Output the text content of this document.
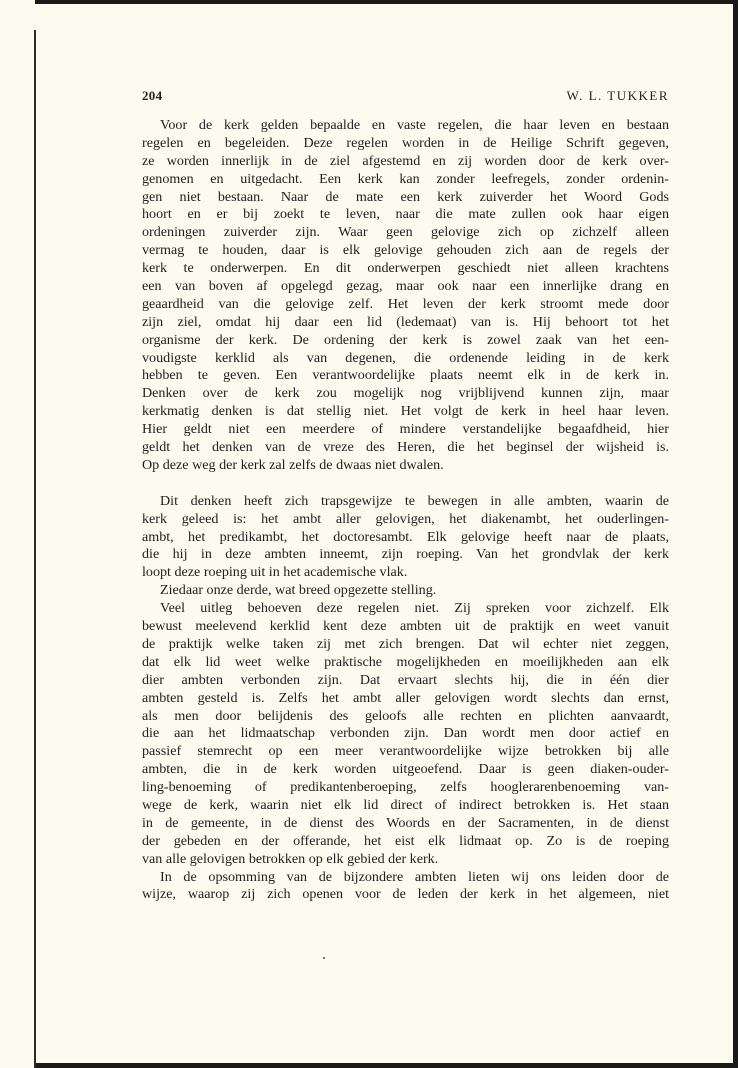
204	W. L. TUKKER
Voor de kerk gelden bepaalde en vaste regelen, die haar leven en bestaan
regelen en begeleiden. Deze regelen worden in de Heilige Schrift gegeven,
ze worden innerlijk in de ziel afgestemd en zij worden door de kerk over-
genomen en uitgedacht. Een kerk kan zonder leefregels, zonder ordenin-
gen niet bestaan. Naar de mate een kerk zuiverder het Woord Gods
hoort en er bij zoekt te leven, naar die mate zullen ook haar eigen
ordeningen zuiverder zijn. Waar geen gelovige zich op zichzelf alleen
vermag te houden, daar is elk gelovige gehouden zich aan de regels der
kerk te onderwerpen. En dit onderwerpen geschiedt niet alleen krachtens
een van boven af opgelegd gezag, maar ook naar een innerlijke drang en
geaardheid van die gelovige zelf. Het leven der kerk stroomt mede door
zijn ziel, omdat hij daar een lid (ledemaat) van is. Hij behoort tot het
organisme der kerk. De ordening der kerk is zowel zaak van het een-
voudigste kerklid als van degenen, die ordenende leiding in de kerk
hebben te geven. Een verantwoordelijke plaats neemt elk in de kerk in.
Denken over de kerk zou mogelijk nog vrijblijvend kunnen zijn, maar
kerkmatig denken is dat stellig niet. Het volgt de kerk in heel haar leven.
Hier geldt niet een meerdere of mindere verstandelijke begaafdheid, hier
geldt het denken van de vreze des Heren, die het beginsel der wijsheid is.
Op deze weg der kerk zal zelfs de dwaas niet dwalen.
Dit denken heeft zich trapsgewijze te bewegen in alle ambten, waarin de
kerk geleed is: het ambt aller gelovigen, het diakenambt, het ouderlingen-
ambt, het predikambt, het doctoresambt. Elk gelovige heeft naar de plaats,
die hij in deze ambten inneemt, zijn roeping. Van het grondvlak der kerk
loopt deze roeping uit in het academische vlak.
Ziedaar onze derde, wat breed opgezette stelling.
Veel uitleg behoeven deze regelen niet. Zij spreken voor zichzelf. Elk
bewust meelevend kerklid kent deze ambten uit de praktijk en weet vanuit
de praktijk welke taken zij met zich brengen. Dat wil echter niet zeggen,
dat elk lid weet welke praktische mogelijkheden en moeilijkheden aan elk
dier ambten verbonden zijn. Dat ervaart slechts hij, die in één dier
ambten gesteld is. Zelfs het ambt aller gelovigen wordt slechts dan ernst,
als men door belijdenis des geloofs alle rechten en plichten aanvaardt,
die aan het lidmaatschap verbonden zijn. Dan wordt men door actief en
passief stemrecht op een meer verantwoordelijke wijze betrokken bij alle
ambten, die in de kerk worden uitgeoefend. Daar is geen diaken-ouder-
ling-benoeming of predikantenberoeping, zelfs hooglerarenbenoeming van-
wege de kerk, waarin niet elk lid direct of indirect betrokken is. Het staan
in de gemeente, in de dienst des Woords en der Sacramenten, in de dienst
der gebeden en der offerande, het eist elk lidmaat op. Zo is de roeping
van alle gelovigen betrokken op elk gebied der kerk.
In de opsomming van de bijzondere ambten lieten wij ons leiden door de
wijze, waarop zij zich openen voor de leden der kerk in het algemeen, niet
